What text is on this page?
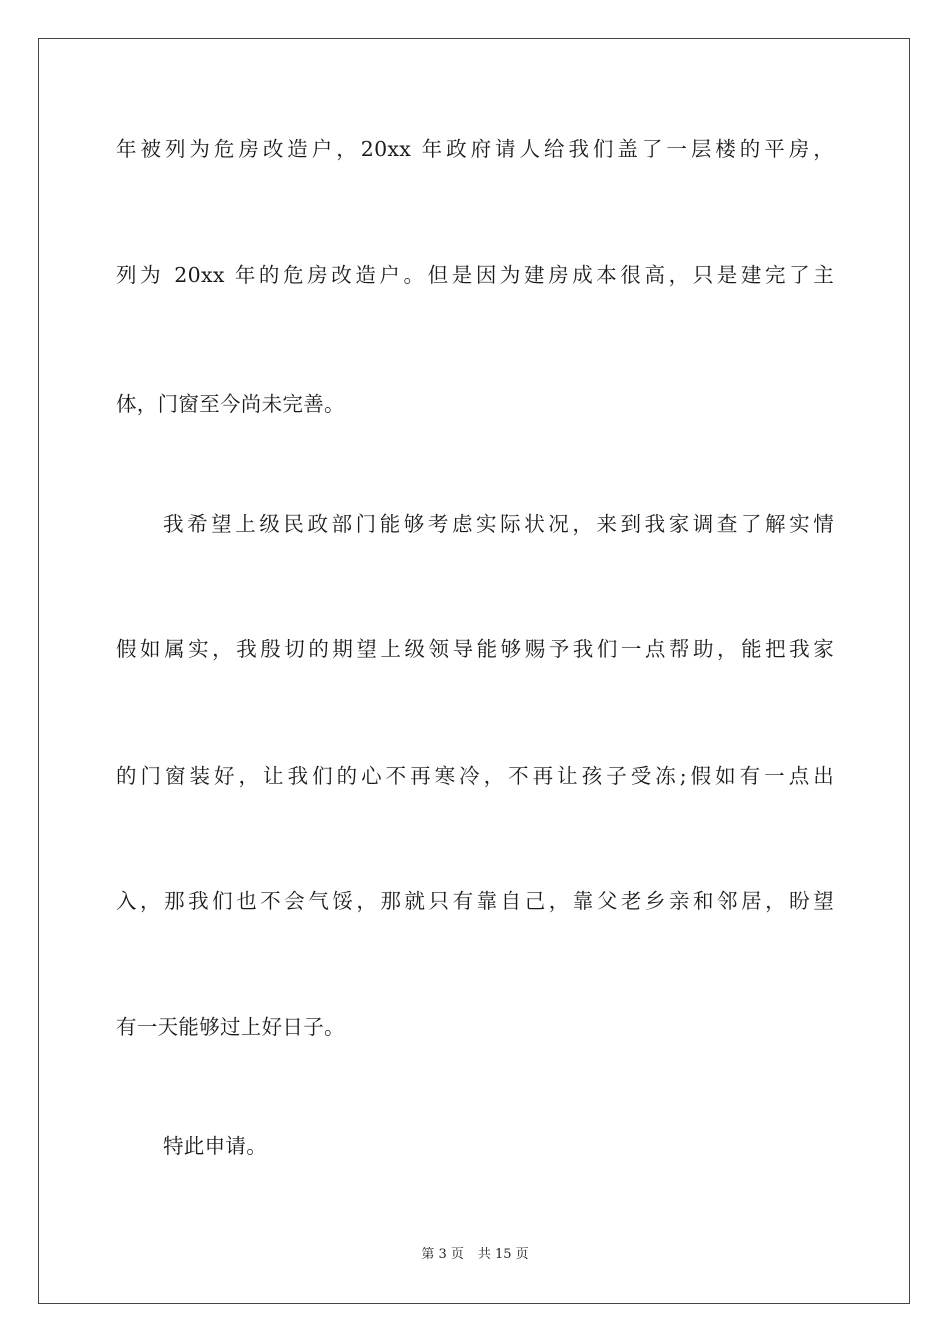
年被列为危房改造户，20xx 年政府请人给我们盖了一层楼的平房，
列为 20xx 年的危房改造户。但是因为建房成本很高，只是建完了主
体，门窗至今尚未完善。
我希望上级民政部门能够考虑实际状况，来到我家调查了解实情
假如属实，我殷切的期望上级领导能够赐予我们一点帮助，能把我家
的门窗装好，让我们的心不再寒冷，不再让孩子受冻;假如有一点出
入，那我们也不会气馁，那就只有靠自己，靠父老乡亲和邻居，盼望
有一天能够过上好日子。
特此申请。
第 3 页 共 15 页
